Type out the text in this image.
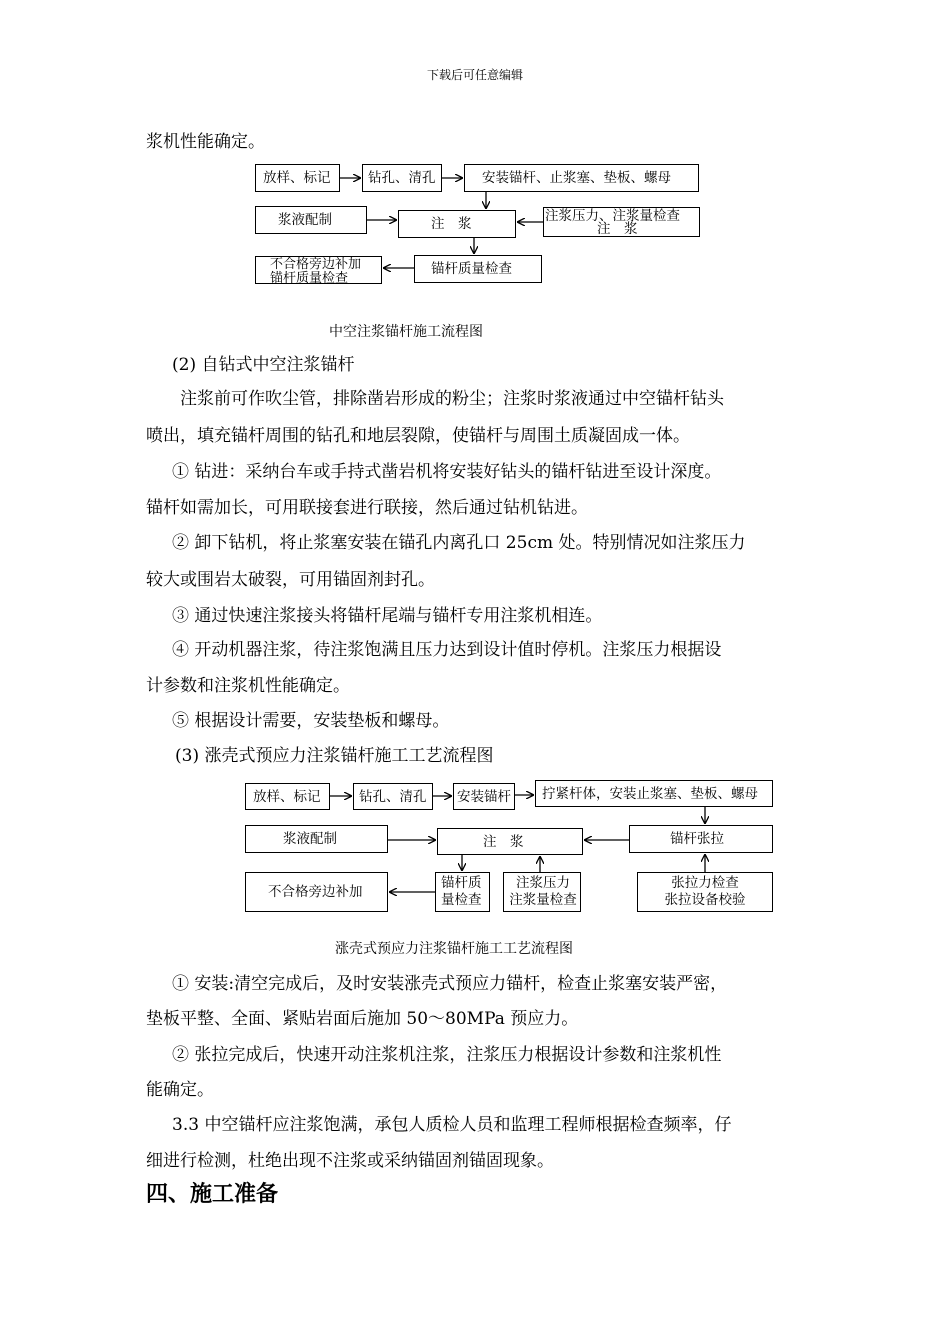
下载后可任意编辑
浆机性能确定。
放样、标记	钻孔、清孔	安装锚杆、止浆塞、垫板、螺母
浆液配制	注　浆	注浆压力、注浆量检查
注　浆
不合格旁边补加
锚杆质量检查
锚杆质量检查
中空注浆锚杆施工流程图
(2) 自钻式中空注浆锚杆
注浆前可作吹尘管，排除凿岩形成的粉尘；注浆时浆液通过中空锚杆钻头
喷出，填充锚杆周围的钻孔和地层裂隙，使锚杆与周围土质凝固成一体。
① 钻进：采纳台车或手持式凿岩机将安装好钻头的锚杆钻进至设计深度。
锚杆如需加长，可用联接套进行联接，然后通过钻机钻进。
② 卸下钻机，将止浆塞安装在锚孔内离孔口 25cm 处。特别情况如注浆压力
较大或围岩太破裂，可用锚固剂封孔。
③ 通过快速注浆接头将锚杆尾端与锚杆专用注浆机相连。
④ 开动机器注浆，待注浆饱满且压力达到设计值时停机。注浆压力根据设
计参数和注浆机性能确定。
⑤ 根据设计需要，安装垫板和螺母。
(3) 涨壳式预应力注浆锚杆施工工艺流程图
放样、标记	钻孔、清孔 安装锚杆 拧紧杆体，安装止浆塞、垫板、螺母
浆液配制	注　浆	锚杆张拉
不合格旁边补加
锚杆质
量检查
注浆压力
注浆量检查
张拉力检查
张拉设备校验
涨壳式预应力注浆锚杆施工工艺流程图
① 安装:清空完成后，及时安装涨壳式预应力锚杆，检查止浆塞安装严密，
垫板平整、全面、紧贴岩面后施加 50～80MPa 预应力。
② 张拉完成后，快速开动注浆机注浆，注浆压力根据设计参数和注浆机性
能确定。
3.3 中空锚杆应注浆饱满，承包人质检人员和监理工程师根据检查频率，仔
细进行检测，杜绝出现不注浆或采纳锚固剂锚固现象。
四、施工准备
